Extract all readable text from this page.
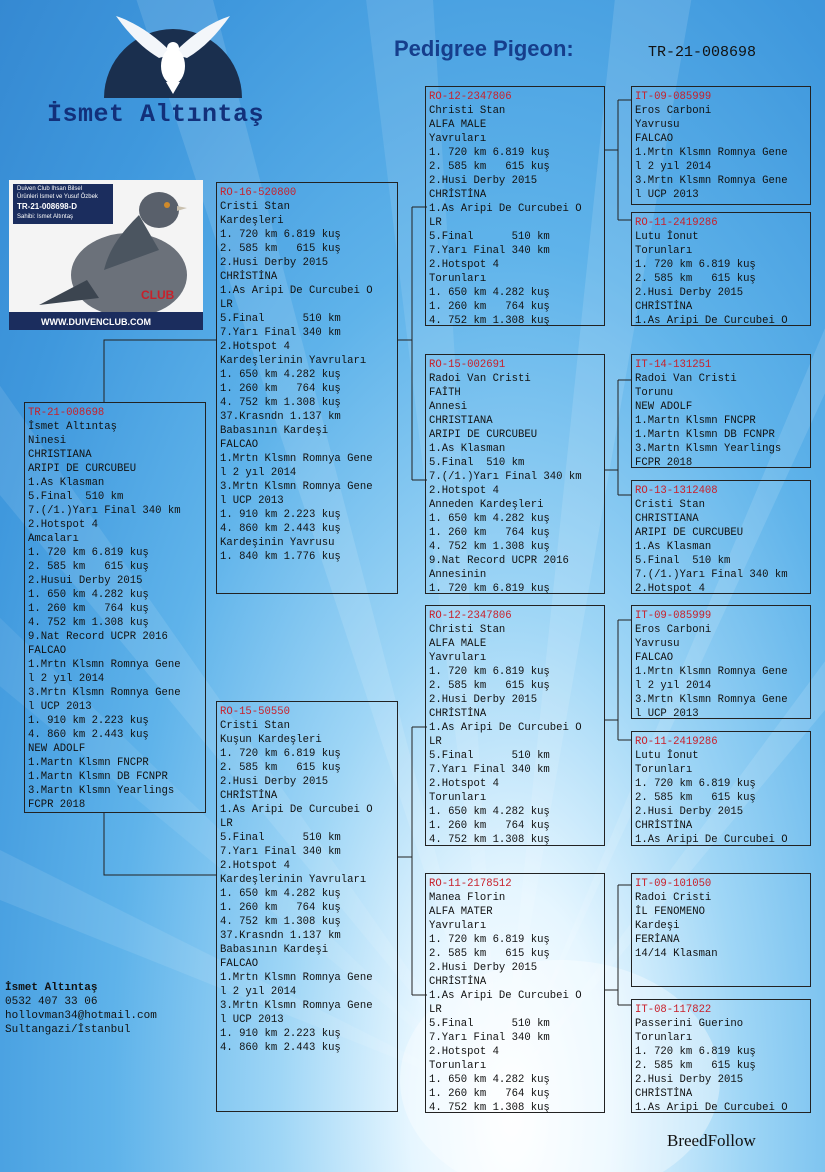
İsmet Altıntaş
Pedigree Pigeon:	TR-21-008698
Duiven Club Ihsan Bilsel
Ürünleri Ismet ve Yusuf Özbek
TR-21-008698-D
Sahibi: Ismet Altıntaş
CLUB
WWW.DUIVENCLUB.COM
TR-21-008698
İsmet Altıntaş
Ninesi
CHRISTIANA
ARIPI DE CURCUBEU
1.As Klasman
5.Final  510 km
7.(/1.)Yarı Final 340 km
2.Hotspot 4
Amcaları
1. 720 km 6.819 kuş
2. 585 km   615 kuş
2.Husui Derby 2015
1. 650 km 4.282 kuş
1. 260 km   764 kuş
4. 752 km 1.308 kuş
9.Nat Record UCPR 2016
FALCAO
1.Mrtn Klsmn Romnya Gene
l 2 yıl 2014
3.Mrtn Klsmn Romnya Gene
l UCP 2013
1. 910 km 2.223 kuş
4. 860 km 2.443 kuş
NEW ADOLF
1.Martn Klsmn FNCPR
1.Martn Klsmn DB FCNPR
3.Martn Klsmn Yearlings
FCPR 2018
RO-16-520800
Cristi Stan
Kardeşleri
1. 720 km 6.819 kuş
2. 585 km   615 kuş
2.Husi Derby 2015
CHRİSTİNA
1.As Aripi De Curcubei O
LR
5.Final      510 km
7.Yarı Final 340 km
2.Hotspot 4
Kardeşlerinin Yavruları
1. 650 km 4.282 kuş
1. 260 km   764 kuş
4. 752 km 1.308 kuş
37.Krasndn 1.137 km
Babasının Kardeşi
FALCAO
1.Mrtn Klsmn Romnya Gene
l 2 yıl 2014
3.Mrtn Klsmn Romnya Gene
l UCP 2013
1. 910 km 2.223 kuş
4. 860 km 2.443 kuş
Kardeşinin Yavrusu
1. 840 km 1.776 kuş
RO-15-50550
Cristi Stan
Kuşun Kardeşleri
1. 720 km 6.819 kuş
2. 585 km   615 kuş
2.Husi Derby 2015
CHRİSTİNA
1.As Aripi De Curcubei O
LR
5.Final      510 km
7.Yarı Final 340 km
2.Hotspot 4
Kardeşlerinin Yavruları
1. 650 km 4.282 kuş
1. 260 km   764 kuş
4. 752 km 1.308 kuş
37.Krasndn 1.137 km
Babasının Kardeşi
FALCAO
1.Mrtn Klsmn Romnya Gene
l 2 yıl 2014
3.Mrtn Klsmn Romnya Gene
l UCP 2013
1. 910 km 2.223 kuş
4. 860 km 2.443 kuş
RO-12-2347806
Christi Stan
ALFA MALE
Yavruları
1. 720 km 6.819 kuş
2. 585 km   615 kuş
2.Husi Derby 2015
CHRİSTİNA
1.As Aripi De Curcubei O
LR
5.Final      510 km
7.Yarı Final 340 km
2.Hotspot 4
Torunları
1. 650 km 4.282 kuş
1. 260 km   764 kuş
4. 752 km 1.308 kuş
RO-15-002691
Radoi Van Cristi
FAİTH
Annesi
CHRISTIANA
ARIPI DE CURCUBEU
1.As Klasman
5.Final  510 km
7.(/1.)Yarı Final 340 km
2.Hotspot 4
Anneden Kardeşleri
1. 650 km 4.282 kuş
1. 260 km   764 kuş
4. 752 km 1.308 kuş
9.Nat Record UCPR 2016
Annesinin
1. 720 km 6.819 kuş
RO-12-2347806
Christi Stan
ALFA MALE
Yavruları
1. 720 km 6.819 kuş
2. 585 km   615 kuş
2.Husi Derby 2015
CHRİSTİNA
1.As Aripi De Curcubei O
LR
5.Final      510 km
7.Yarı Final 340 km
2.Hotspot 4
Torunları
1. 650 km 4.282 kuş
1. 260 km   764 kuş
4. 752 km 1.308 kuş
RO-11-2178512
Manea Florin
ALFA MATER
Yavruları
1. 720 km 6.819 kuş
2. 585 km   615 kuş
2.Husi Derby 2015
CHRİSTİNA
1.As Aripi De Curcubei O
LR
5.Final      510 km
7.Yarı Final 340 km
2.Hotspot 4
Torunları
1. 650 km 4.282 kuş
1. 260 km   764 kuş
4. 752 km 1.308 kuş
IT-09-085999
Eros Carboni
Yavrusu
FALCAO
1.Mrtn Klsmn Romnya Gene
l 2 yıl 2014
3.Mrtn Klsmn Romnya Gene
l UCP 2013
RO-11-2419286
Lutu İonut
Torunları
1. 720 km 6.819 kuş
2. 585 km   615 kuş
2.Husi Derby 2015
CHRİSTİNA
1.As Aripi De Curcubei O
IT-14-131251
Radoi Van Cristi
Torunu
NEW ADOLF
1.Martn Klsmn FNCPR
1.Martn Klsmn DB FCNPR
3.Martn Klsmn Yearlings
FCPR 2018
RO-13-1312408
Cristi Stan
CHRISTIANA
ARIPI DE CURCUBEU
1.As Klasman
5.Final  510 km
7.(/1.)Yarı Final 340 km
2.Hotspot 4
IT-09-085999
Eros Carboni
Yavrusu
FALCAO
1.Mrtn Klsmn Romnya Gene
l 2 yıl 2014
3.Mrtn Klsmn Romnya Gene
l UCP 2013
RO-11-2419286
Lutu İonut
Torunları
1. 720 km 6.819 kuş
2. 585 km   615 kuş
2.Husi Derby 2015
CHRİSTİNA
1.As Aripi De Curcubei O
IT-09-101050
Radoi Cristi
İL FENOMENO
Kardeşi
FERİANA
14/14 Klasman
IT-08-117822
Passerini Guerino
Torunları
1. 720 km 6.819 kuş
2. 585 km   615 kuş
2.Husi Derby 2015
CHRİSTİNA
1.As Aripi De Curcubei O
İsmet Altıntaş
0532 407 33 06
hollovman34@hotmail.com
Sultangazi/İstanbul
BreedFollow
